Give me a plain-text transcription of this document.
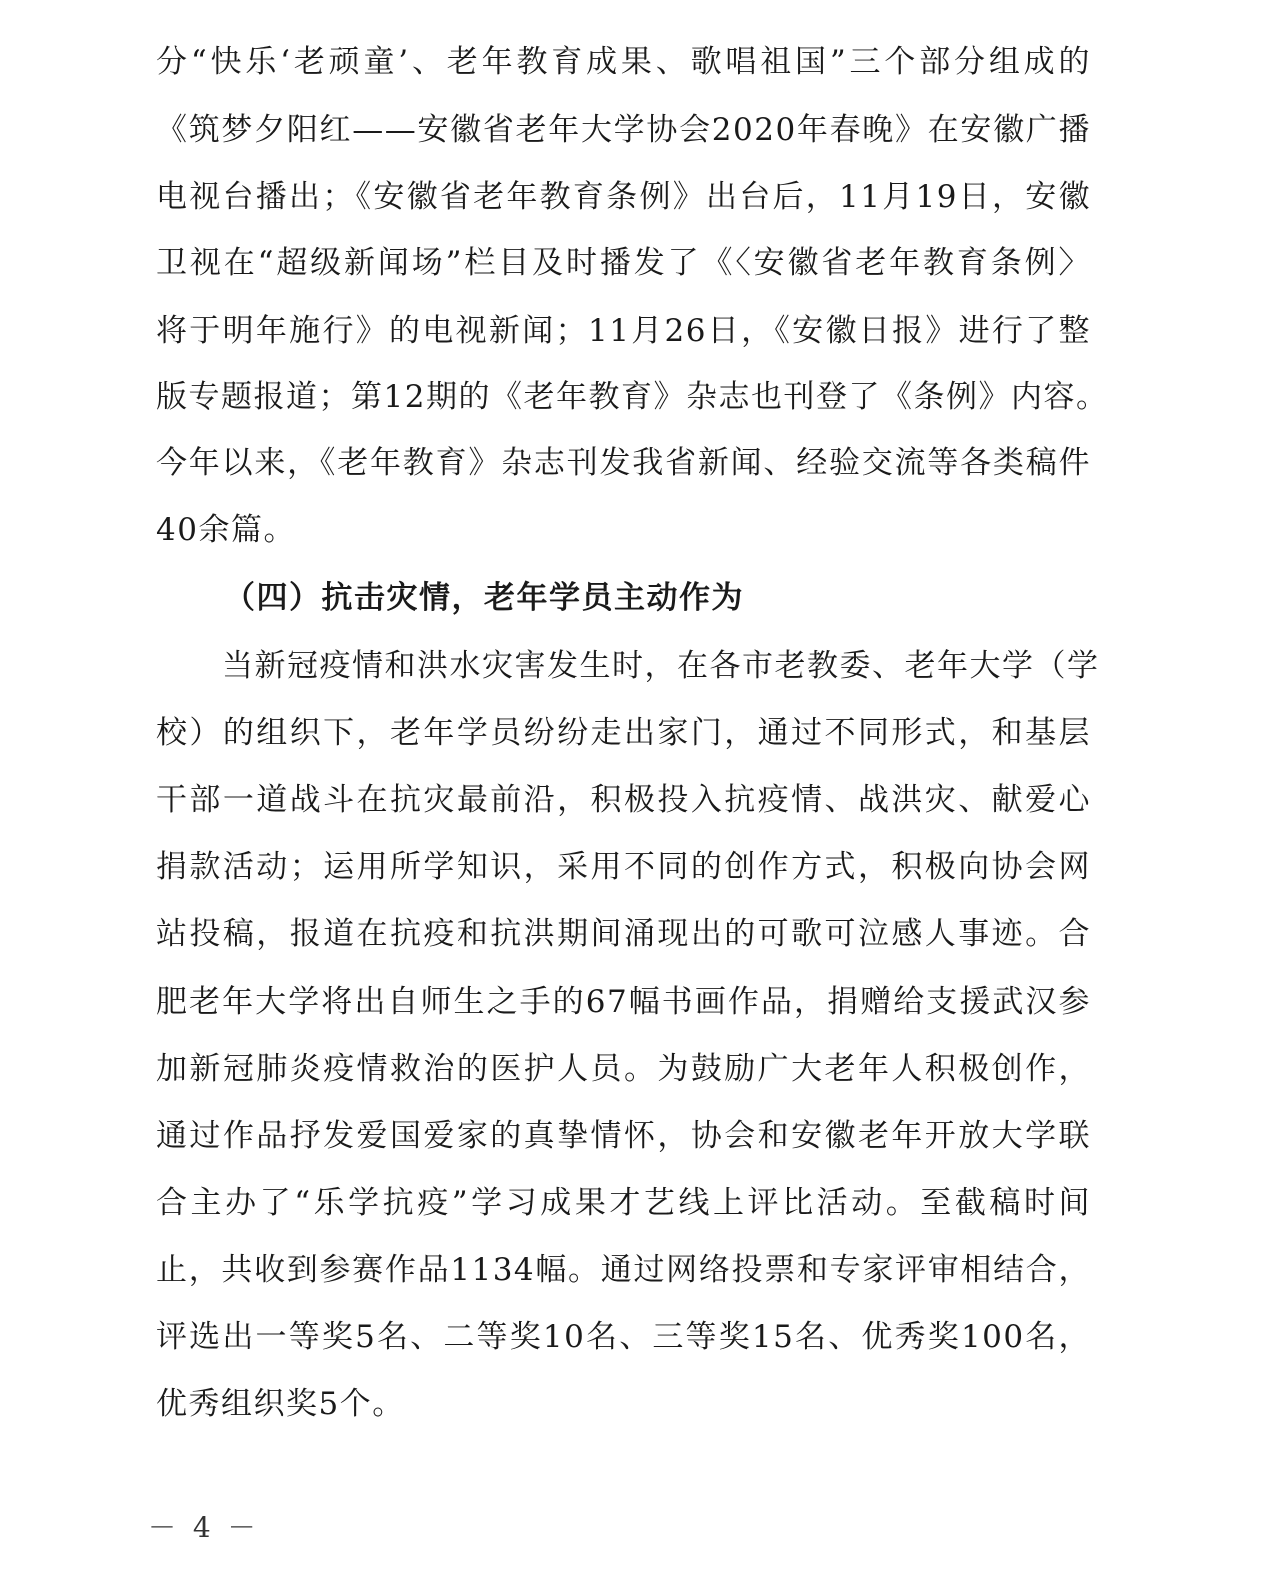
分“快乐‘老顽童’、老年教育成果、歌唱祖国”三个部分组成的
《筑梦夕阳红——安徽省老年大学协会2020年春晚》在安徽广播
电视台播出；《安徽省老年教育条例》出台后，11月19日，安徽
卫视在“超级新闻场”栏目及时播发了《〈安徽省老年教育条例〉
将于明年施行》的电视新闻；11月26日，《安徽日报》进行了整
版专题报道；第12期的《老年教育》杂志也刊登了《条例》内容。
今年以来，《老年教育》杂志刊发我省新闻、经验交流等各类稿件
40余篇。
（四）抗击灾情，老年学员主动作为
当新冠疫情和洪水灾害发生时，在各市老教委、老年大学（学
校）的组织下，老年学员纷纷走出家门，通过不同形式，和基层
干部一道战斗在抗灾最前沿，积极投入抗疫情、战洪灾、献爱心
捐款活动；运用所学知识，采用不同的创作方式，积极向协会网
站投稿，报道在抗疫和抗洪期间涌现出的可歌可泣感人事迹。合
肥老年大学将出自师生之手的67幅书画作品，捐赠给支援武汉参
加新冠肺炎疫情救治的医护人员。为鼓励广大老年人积极创作，
通过作品抒发爱国爱家的真挚情怀，协会和安徽老年开放大学联
合主办了“乐学抗疫”学习成果才艺线上评比活动。至截稿时间
止，共收到参赛作品1134幅。通过网络投票和专家评审相结合，
评选出一等奖5名、二等奖10名、三等奖15名、优秀奖100名，
优秀组织奖5个。
－ 4 －
